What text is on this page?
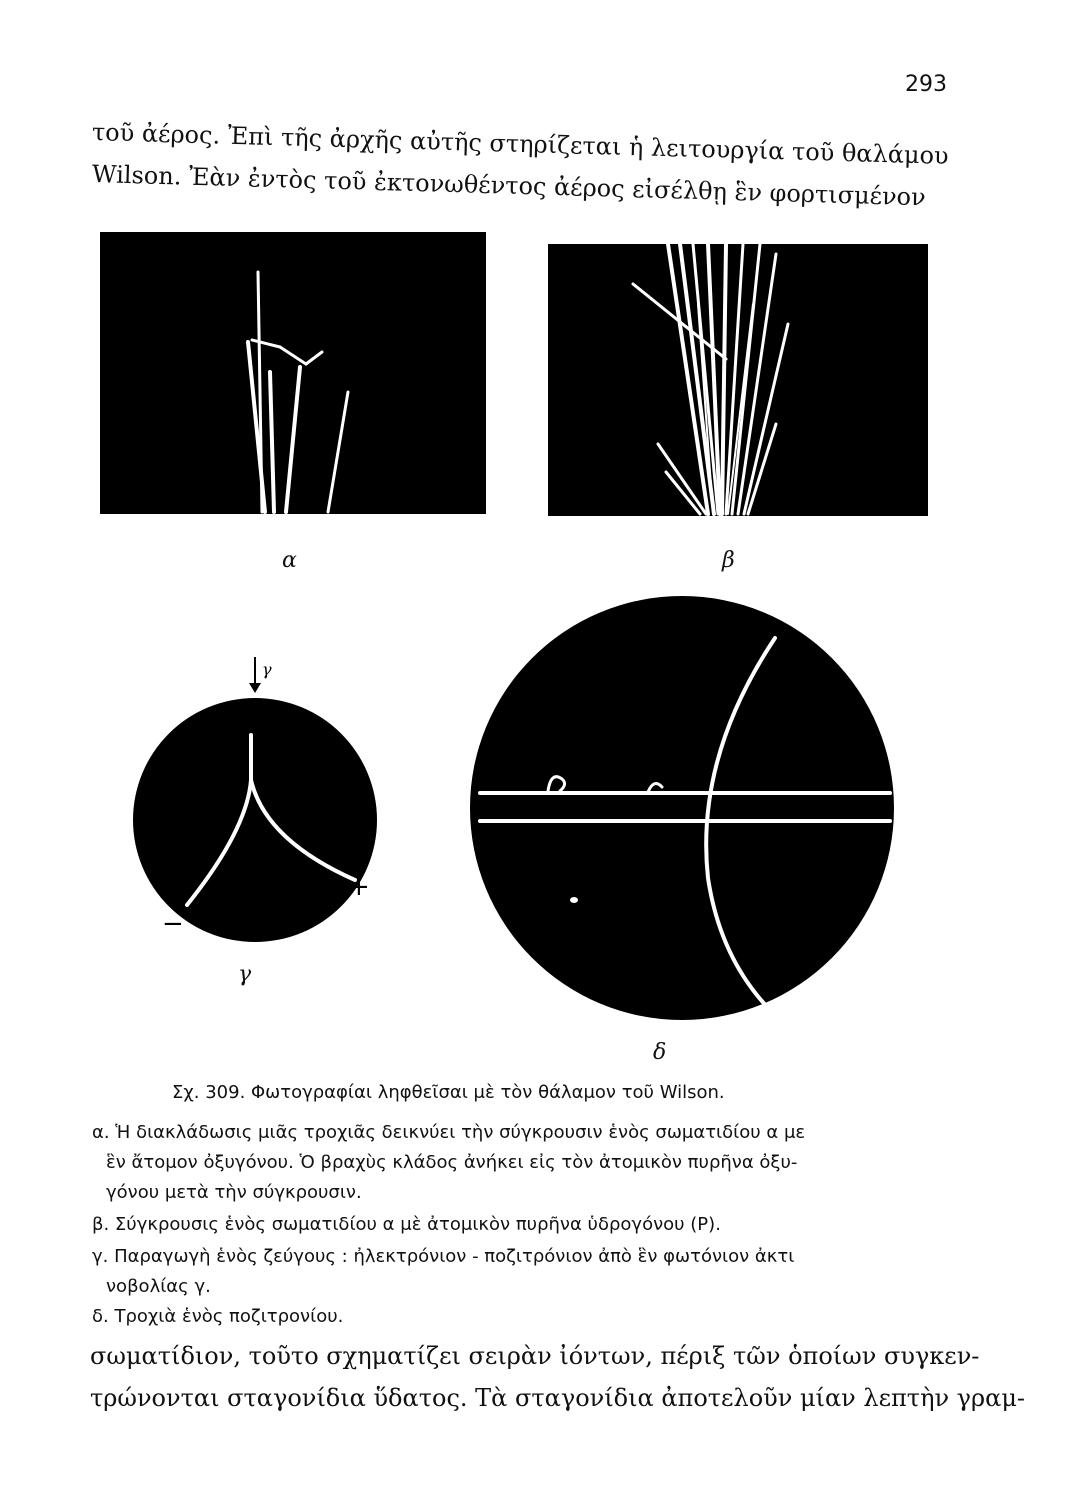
293
τοῦ ἀέρος. Ἐπὶ τῆς ἀρχῆς αὐτῆς στηρίζεται ἡ λειτουργία τοῦ θαλάμου
Wilson. Ἐὰν ἐντὸς τοῦ ἐκτονωθέντος ἀέρος εἰσέλθῃ ἓν φορτισμένον
α	β
γ
+
−
γ
δ
Σχ. 309. Φωτογραφίαι ληφθεῖσαι μὲ τὸν θάλαμον τοῦ Wilson.
α. Ἡ διακλάδωσις μιᾶς τροχιᾶς δεικνύει τὴν σύγκρουσιν ἑνὸς σωματιδίου α με
ἓν ἄτομον ὀξυγόνου. Ὁ βραχὺς κλάδος ἀνήκει εἰς τὸν ἀτομικὸν πυρῆνα ὀξυ-
γόνου μετὰ τὴν σύγκρουσιν.
β. Σύγκρουσις ἑνὸς σωματιδίου α μὲ ἀτομικὸν πυρῆνα ὑδρογόνου (Ρ).
γ. Παραγωγὴ ἑνὸς ζεύγους : ἠλεκτρόνιον - ποζιτρόνιον ἀπὸ ἓν φωτόνιον ἀκτι
νοβολίας γ.
δ. Τροχιὰ ἑνὸς ποζιτρονίου.
σωματίδιον, τοῦτο σχηματίζει σειρὰν ἰόντων, πέριξ τῶν ὁποίων συγκεν-
τρώνονται σταγονίδια ὕδατος. Τὰ σταγονίδια ἀποτελοῦν μίαν λεπτὴν γραμ-
